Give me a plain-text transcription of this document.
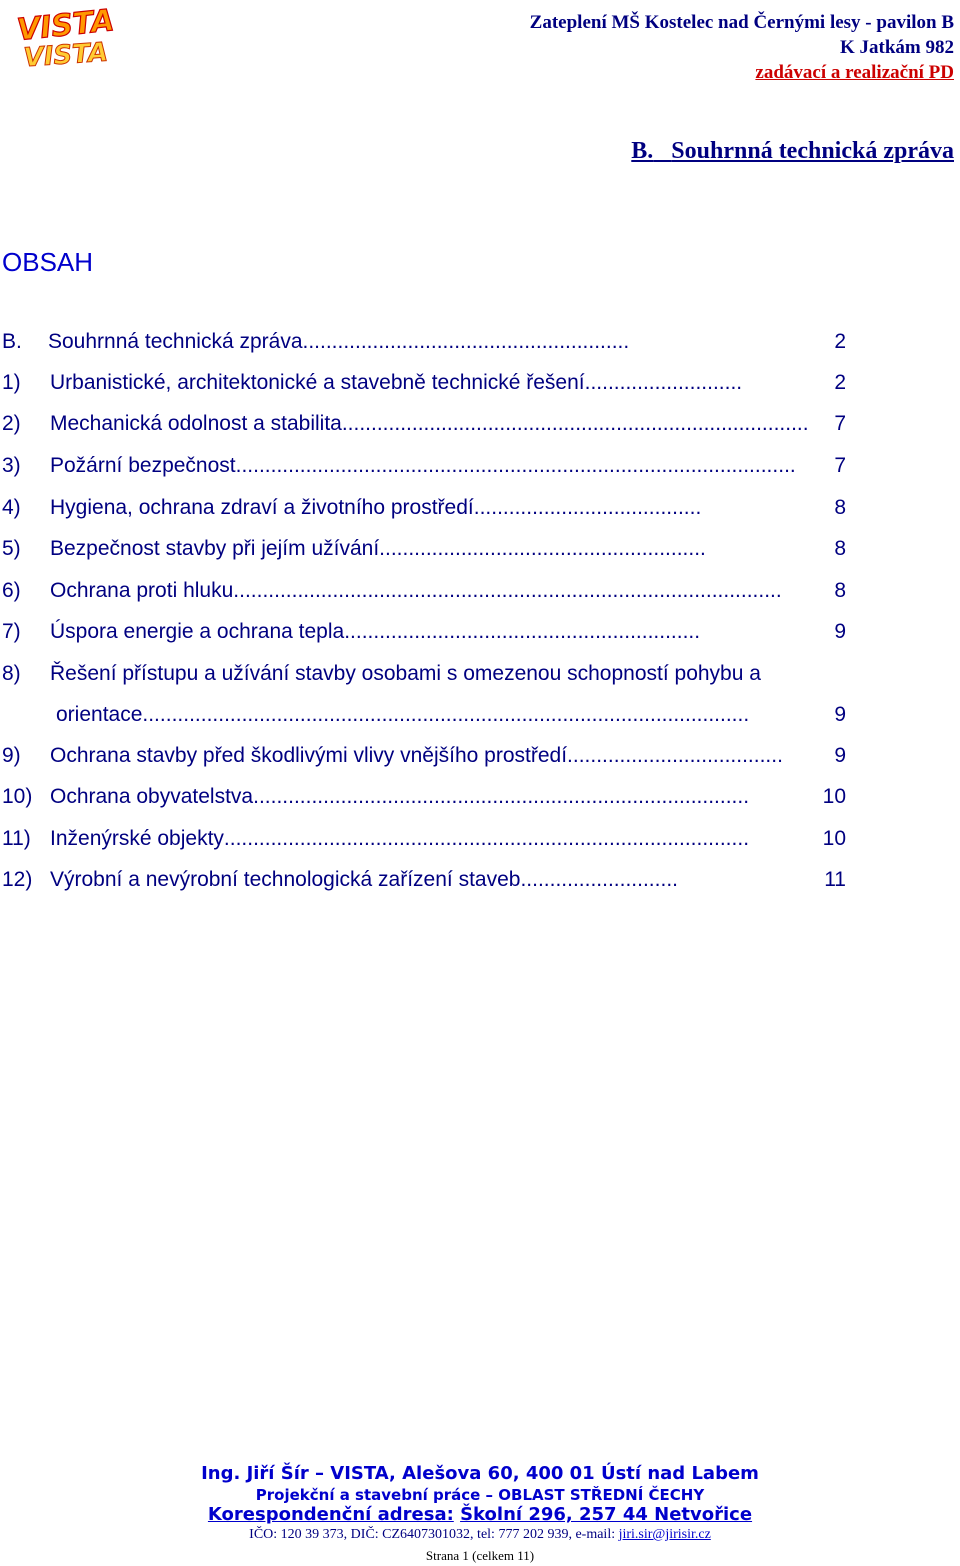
VISTA
VISTA
Zateplení MŠ Kostelec nad Černými lesy - pavilon B
K Jatkám 982
zadávací a realizační PD
B. Souhrnná technická zpráva
OBSAH
B.	Souhrnná technická zpráva ........................................................	2
1)	Urbanistické, architektonické a stavebně technické řešení ...........................	2
2)	Mechanická odolnost a stabilita ................................................................................	7
3)	Požární bezpečnost ................................................................................................	7
4)	Hygiena, ochrana zdraví a životního prostředí .......................................	8
5)	Bezpečnost stavby při jejím užívání ........................................................	8
6)	Ochrana proti hluku ..............................................................................................	8
7)	Úspora energie a ochrana tepla .............................................................	9
8)	Řešení přístupu a užívání stavby osobami s omezenou schopností pohybu a
orientace ........................................................................................................	9
9)	Ochrana stavby před škodlivými vlivy vnějšího prostředí .....................................	9
10) Ochrana obyvatelstva .....................................................................................	10
11) Inženýrské objekty ..........................................................................................	10
12) Výrobní a nevýrobní technologická zařízení staveb ...........................	11
Ing. Jiří Šír – VISTA, Alešova 60, 400 01 Ústí nad Labem
Projekční a stavební práce – OBLAST STŘEDNÍ ČECHY
Korespondenční adresa: Školní 296, 257 44 Netvořice
IČO: 120 39 373, DIČ: CZ6407301032, tel: 777 202 939, e-mail: jiri.sir@jirisir.cz
Strana 1 (celkem 11)
